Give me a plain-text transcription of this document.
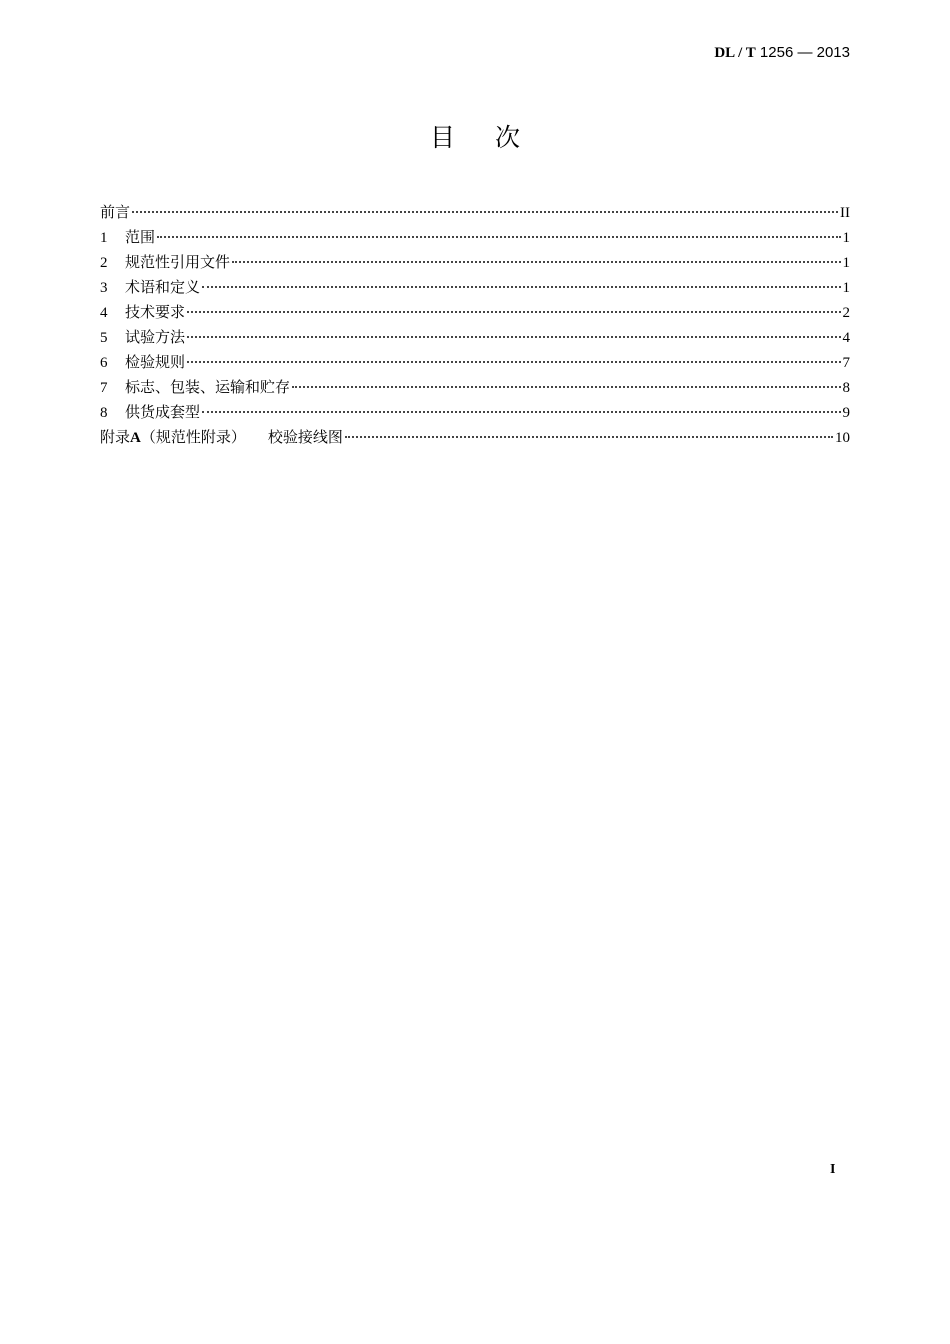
DL / T 1256 — 2013
目次
前言	II
1	范围	1
2	规范性引用文件	1
3	术语和定义	1
4	技术要求	2
5	试验方法	4
6	检验规则	7
7	标志、包装、运输和贮存	8
8	供货成套型	9
附录A（规范性附录） 校验接线图	10
I
